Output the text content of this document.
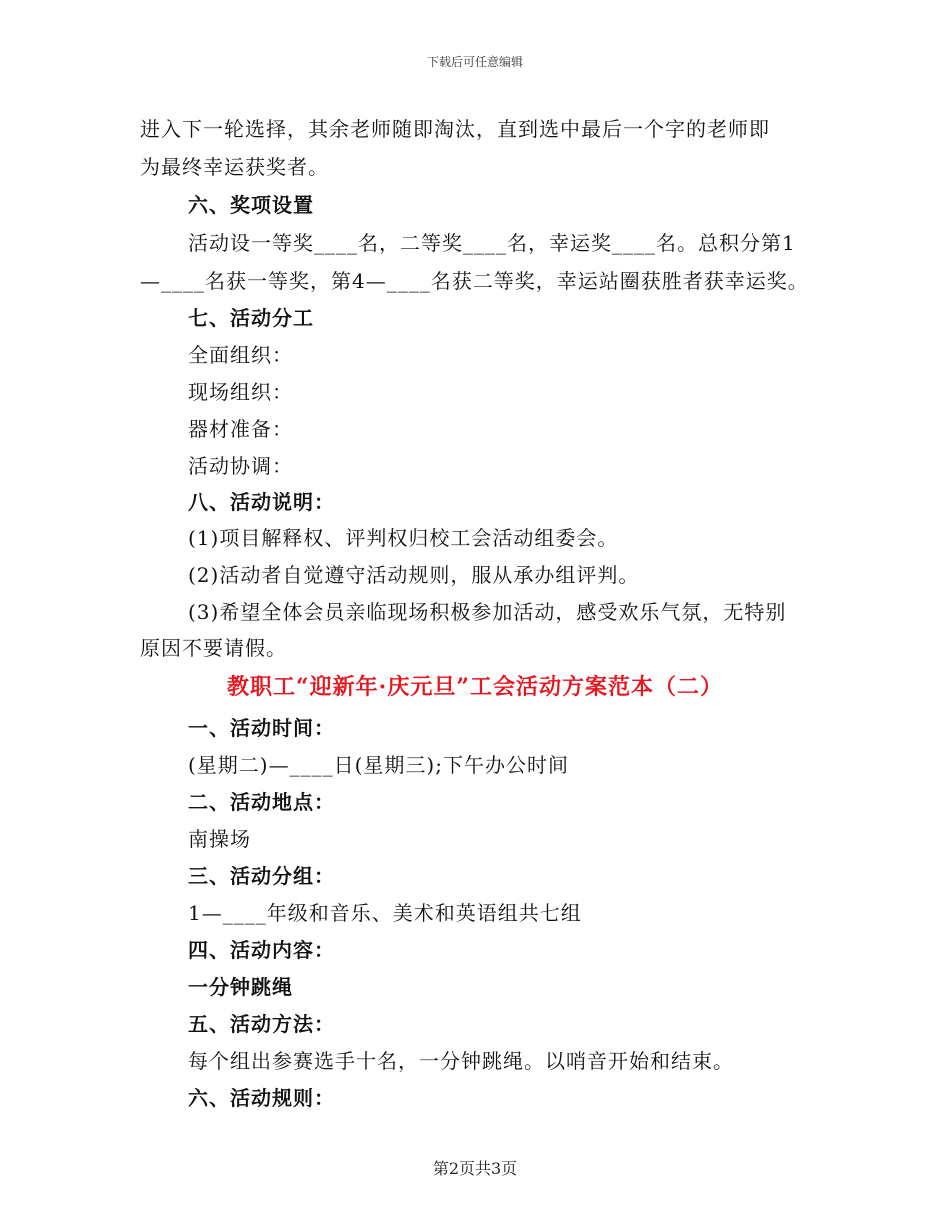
下载后可任意编辑
进入下一轮选择，其余老师随即淘汰，直到选中最后一个字的老师即
为最终幸运获奖者。
六、奖项设置
活动设一等奖____名，二等奖____名，幸运奖____名。总积分第1
—____名获一等奖，第4—____名获二等奖，幸运站圈获胜者获幸运奖。
七、活动分工
全面组织：
现场组织：
器材准备：
活动协调：
八、活动说明：
(1)项目解释权、评判权归校工会活动组委会。
(2)活动者自觉遵守活动规则，服从承办组评判。
(3)希望全体会员亲临现场积极参加活动，感受欢乐气氛，无特别
原因不要请假。
教职工“迎新年·庆元旦”工会活动方案范本（二）
一、活动时间：
(星期二)—____日(星期三);下午办公时间
二、活动地点：
南操场
三、活动分组：
1—____年级和音乐、美术和英语组共七组
四、活动内容：
一分钟跳绳
五、活动方法：
每个组出参赛选手十名，一分钟跳绳。以哨音开始和结束。
六、活动规则：
第2页共3页
